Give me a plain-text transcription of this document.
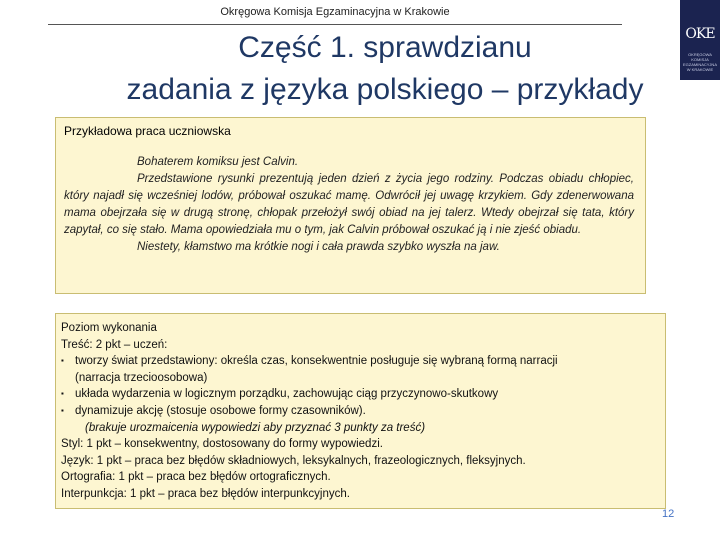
Okręgowa Komisja Egzaminacyjna w Krakowie
OKE
OKRĘGOWA KOMISJA EGZAMINACYJNA W KRAKOWIE
Część 1. sprawdzianu
zadania z języka polskiego – przykłady
Przykładowa praca uczniowska

Bohaterem komiksu jest Calvin.

Przedstawione rysunki prezentują jeden dzień z życia jego rodziny. Podczas obiadu chłopiec, który najadł się wcześniej lodów, próbował oszukać mamę. Odwrócił jej uwagę krzykiem. Gdy zdenerwowana mama obejrzała się w drugą stronę, chłopak przełożył swój obiad na jej talerz. Wtedy obejrzał się tata, który zapytał, co się stało. Mama opowiedziała mu o tym, jak Calvin próbował oszukać ją i nie zjeść obiadu.

Niestety, kłamstwo ma krótkie nogi i cała prawda szybko wyszła na jaw.

Poziom wykonania
Treść: 2 pkt – uczeń:
▪ tworzy świat przedstawiony: określa czas, konsekwentnie posługuje się wybraną formą narracji
(narracja trzecioosobowa)
▪ układa wydarzenia w logicznym porządku, zachowując ciąg przyczynowo-skutkowy
▪ dynamizuje akcję (stosuje osobowe formy czasowników).
(brakuje urozmaicenia wypowiedzi aby przyznać 3 punkty za treść)
Styl: 1 pkt – konsekwentny, dostosowany do formy wypowiedzi.
Język: 1 pkt – praca bez błędów składniowych, leksykalnych, frazeologicznych, fleksyjnych.
Ortografia: 1 pkt – praca bez błędów ortograficznych.
Interpunkcja: 1 pkt – praca bez błędów interpunkcyjnych.
12
